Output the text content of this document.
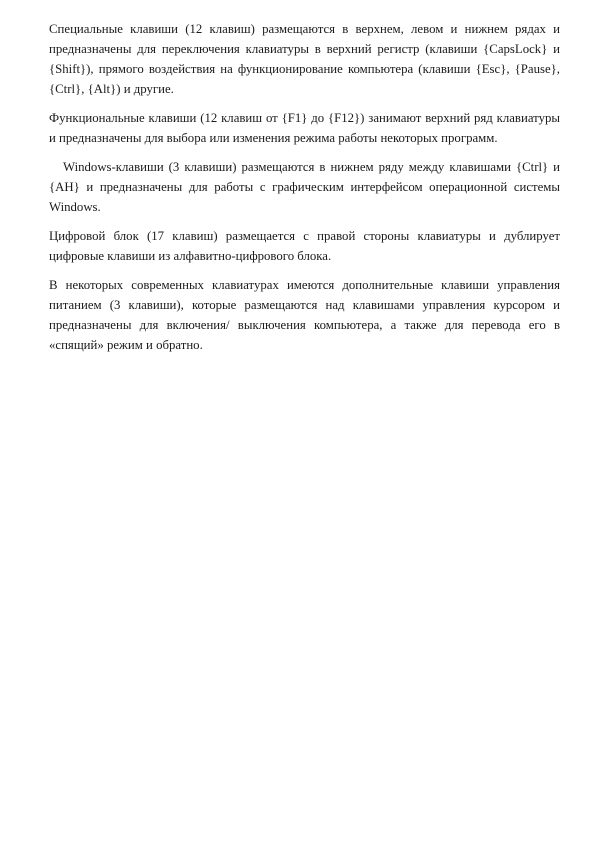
Специальные клавиши (12 клавиш) размещаются в верхнем, левом и нижнем рядах и предназначены для переключения клавиатуры в верхний регистр (клавиши {CapsLock} и {Shift}), прямого воздействия на функционирование компьютера (клавиши {Esc}, {Pause}, {Ctrl}, {Alt}) и другие.

Функциональные клавиши (12 клавиш от {F1} до {F12}) занимают верхний ряд клавиатуры и предназначены для выбора или изменения режима работы некоторых программ.

Windows-клавиши (3 клавиши) размещаются в нижнем ряду между клавишами {Ctrl} и {АН} и предназначены для работы с графическим интерфейсом операционной системы Windows.

Цифровой блок (17 клавиш) размещается с правой стороны клавиатуры и дублирует цифровые клавиши из алфавитно-цифрового блока.

В некоторых современных клавиатурах имеются дополнительные клавиши управления питанием (3 клавиши), которые размещаются над клавишами управления курсором и предназначены для включения/ выключения компьютера, а также для перевода его в «спящий» режим и обратно.
